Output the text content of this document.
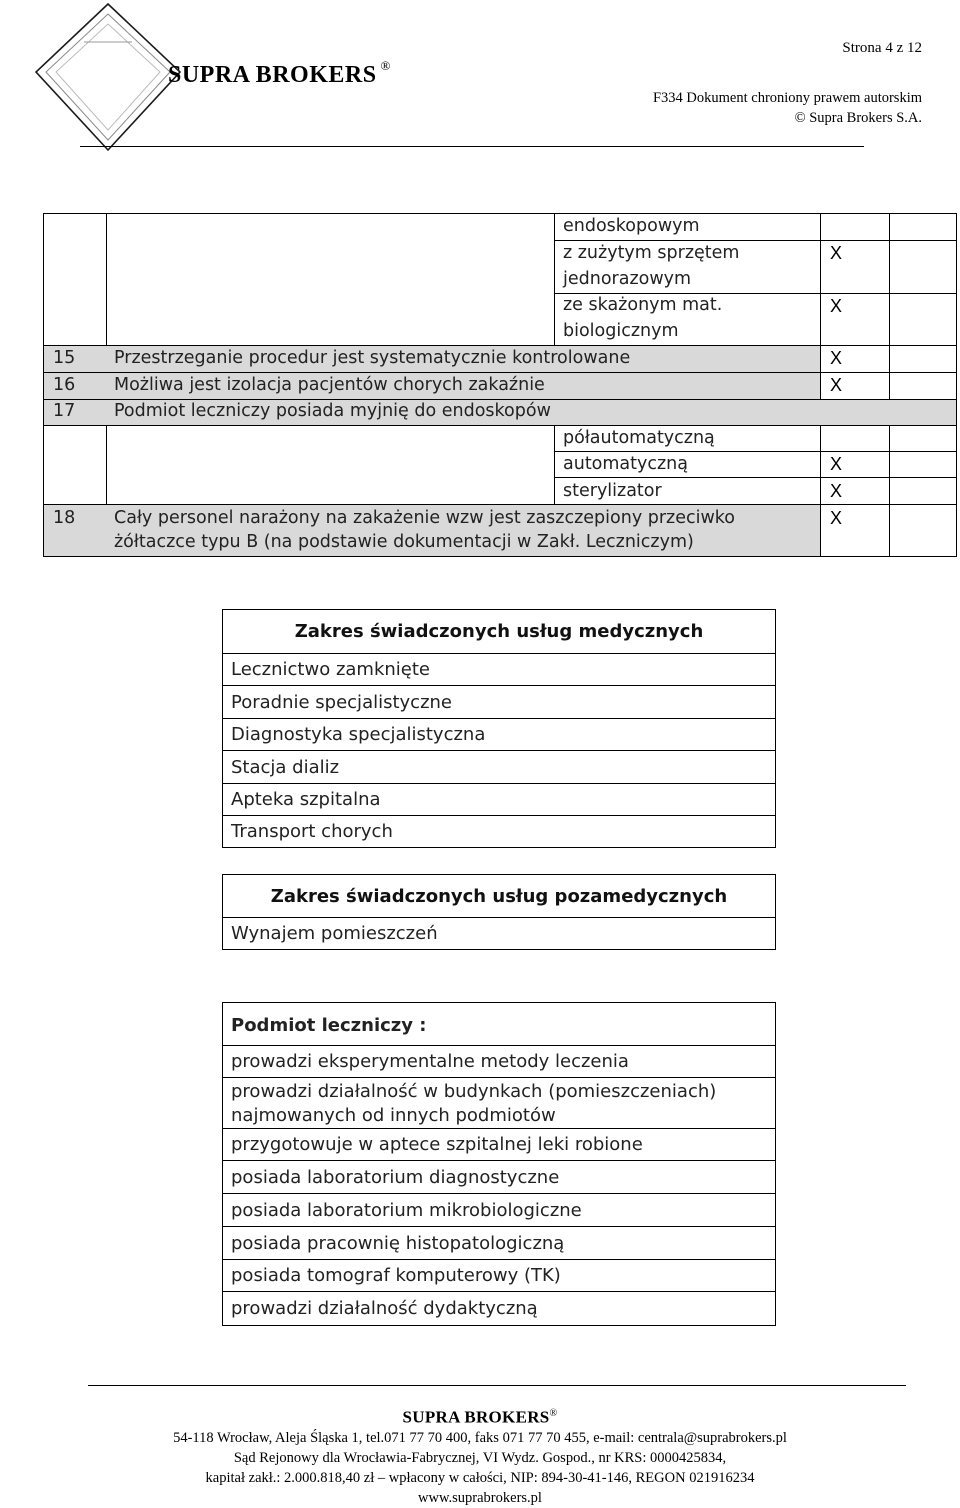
SUPRA BROKERS ®
Strona 4 z 12
F334 Dokument chroniony prawem autorskim
© Supra Brokers S.A.
endoskopowym
z zużytym sprzętem
jednorazowym
ze skażonym mat.
biologicznym
15 Przestrzeganie procedur jest systematycznie kontrolowane
16 Możliwa jest izolacja pacjentów chorych zakaźnie
17 Podmiot leczniczy posiada myjnię do endoskopów
półautomatyczną
automatyczną
sterylizator
18 Cały personel narażony na zakażenie wzw jest zaszczepiony przeciwko
żółtaczce typu B (na podstawie dokumentacji w Zakł. Leczniczym)
X
X
X
X
X
X
X
Zakres świadczonych usług medycznych
Lecznictwo zamknięte
Poradnie specjalistyczne
Diagnostyka specjalistyczna
Stacja dializ
Apteka szpitalna
Transport chorych
Zakres świadczonych usług pozamedycznych
Wynajem pomieszczeń
Podmiot leczniczy :
prowadzi eksperymentalne metody leczenia
prowadzi działalność w budynkach (pomieszczeniach)
najmowanych od innych podmiotów
przygotowuje w aptece szpitalnej leki robione
posiada laboratorium diagnostyczne
posiada laboratorium mikrobiologiczne
posiada pracownię histopatologiczną
posiada tomograf komputerowy (TK)
prowadzi działalność dydaktyczną
SUPRA BROKERS®
54-118 Wrocław, Aleja Śląska 1, tel.071 77 70 400, faks 071 77 70 455, e-mail: centrala@suprabrokers.pl
Sąd Rejonowy dla Wrocławia-Fabrycznej, VI Wydz. Gospod., nr KRS: 0000425834,
kapitał zakł.: 2.000.818,40 zł – wpłacony w całości, NIP: 894-30-41-146, REGON 021916234
www.suprabrokers.pl
